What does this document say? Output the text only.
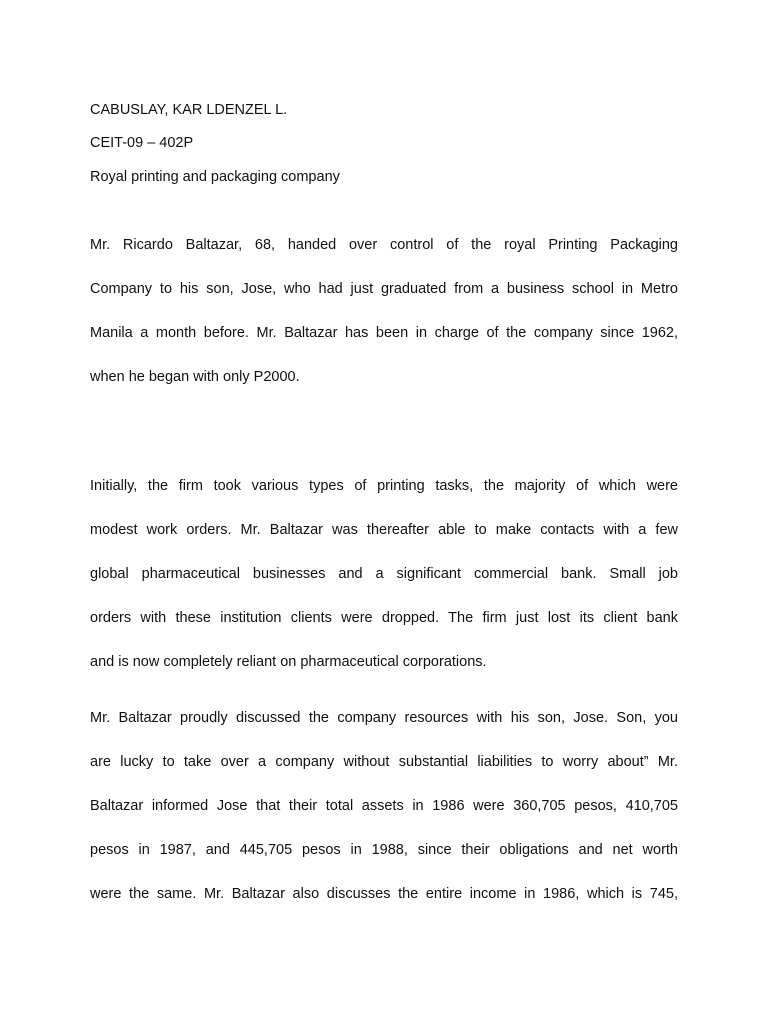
CABUSLAY, KAR LDENZEL L.
CEIT-09 – 402P
Royal printing and packaging company
Mr. Ricardo Baltazar, 68, handed over control of the royal Printing Packaging
Company to his son, Jose, who had just graduated from a business school in Metro
Manila a month before. Mr. Baltazar has been in charge of the company since 1962,
when he began with only P2000.
Initially, the firm took various types of printing tasks, the majority of which were
modest work orders. Mr. Baltazar was thereafter able to make contacts with a few
global pharmaceutical businesses and a significant commercial bank. Small job
orders with these institution clients were dropped. The firm just lost its client bank
and is now completely reliant on pharmaceutical corporations.
Mr. Baltazar proudly discussed the company resources with his son, Jose. Son, you
are lucky to take over a company without substantial liabilities to worry about” Mr.
Baltazar informed Jose that their total assets in 1986 were 360,705 pesos, 410,705
pesos in 1987, and 445,705 pesos in 1988, since their obligations and net worth
were the same. Mr. Baltazar also discusses the entire income in 1986, which is 745,
